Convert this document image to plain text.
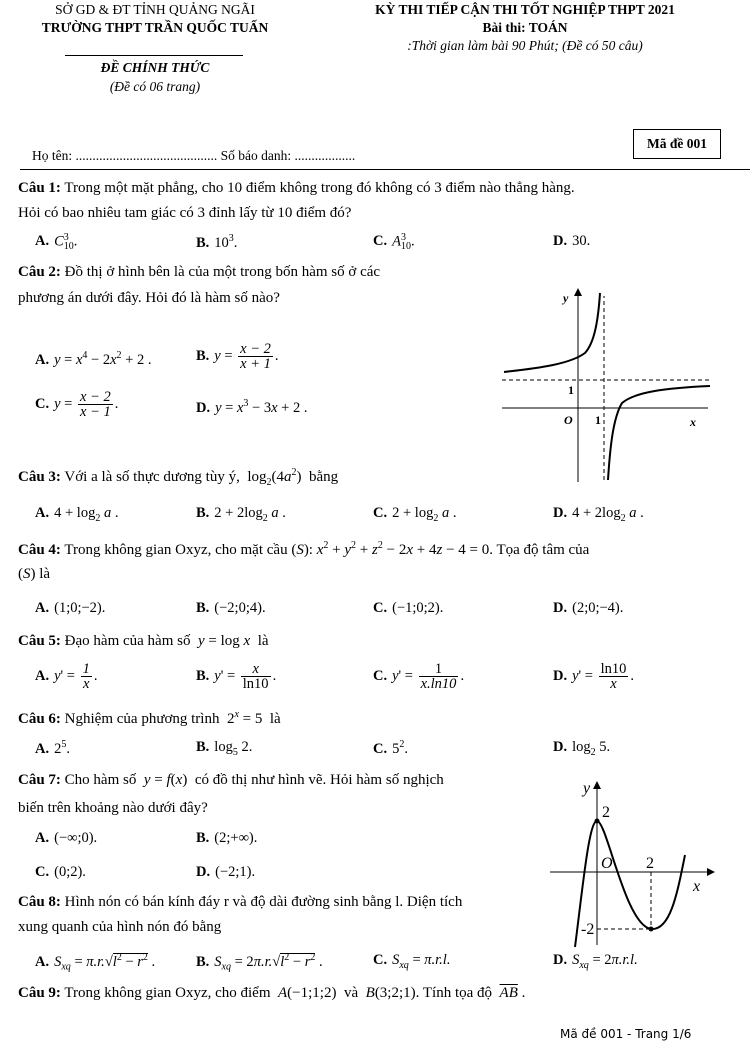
SỞ GD & ĐT TỈNH QUẢNG NGÃI
TRƯỜNG THPT TRẦN QUỐC TUẤN
KỲ THI TIẾP CẬN THI TỐT NGHIỆP THPT 2021
Bài thi: TOÁN
:Thời gian làm bài 90 Phút; (Đề có 50 câu)
ĐỀ CHÍNH THỨC
(Đề có 06 trang)
Họ tên: .......................................... Số báo danh: ..................
Mã đề 001
Câu 1: Trong một mặt phẳng, cho 10 điểm không trong đó không có 3 điểm nào thẳng hàng.
Hỏi có bao nhiêu tam giác có 3 đỉnh lấy từ 10 điểm đó?
A. C 3
10 .	B. $10^3$.	C. A 3
10 .	D. 30.
Câu 2: Đồ thị ở hình bên là của một trong bốn hàm số ở các
phương án dưới đây. Hỏi đó là hàm số nào?
A. $y = x^4 - 2x^2 + 2$ .	B. $y = \frac{x - 2}{x + 1}$ .
C. $y = \frac{x - 2}{x - 1}$ .	D. $y = x^3 - 3x + 2$ .
y
x
O 1
1
Câu 3: Với a là số thực dương tùy ý,  $\log_2(4a^2)$  bằng
A. $4 + \log_2 a$ .	B. $2 + 2\log_2$ a .	C. $2 + \log_2 a$ .	D. $4 + 2\log_2$ a .
Câu 4: Trong không gian Oxyz, cho mặt cầu (S): $x^2 + y^2 + z^2 - 2x + 4z - 4 = 0$. Tọa độ tâm của
(S) là
A. (1;0;−2).	B. (−2;0;4).	C. (−1;0;2).	D. (2;0;−4).
Câu 5: Đạo hàm của hàm số y = log x là
A. $y' = \frac{1}{x}$ .	B. $y' = \frac{x}{\ln 10}$ .	C. $y' = \frac{1}{x.\ln 10}$ .	D. $y' = \frac{\ln 10}{x}$ .
Câu 6: Nghiệm của phương trình  $2^x = 5$  là
A. $2^5$.	B. $\log_5 2$.	C. $5^2$.	D. $\log_2 5$.
Câu 7: Cho hàm số y = f(x)  có đồ thị như hình vẽ. Hỏi hàm số nghịch
biến trên khoảng nào dưới đây?
A. (−∞;0).	B. (2;+∞).
C. (0;2).	D. (−2;1).
y
x
O
2
2
-2
Câu 8: Hình nón có bán kính đáy r và độ dài đường sinh bằng l. Diện tích
xung quanh của hình nón đó bằng
A. $S_{xq} = \pi.r.√l^2 - r^2$ .	B. $S_{xq} = 2\pi.r.√l^2 - r^2$ .	C. $S_{xq} = \pi.r.l$.	D. $S_{xq} = 2\pi.r.l$.
Câu 9: Trong không gian Oxyz, cho điểm A(−1;1;2)  và B(3;2;1). Tính tọa độ $\overline{AB}$ .
Mã đề 001 - Trang 1/6
